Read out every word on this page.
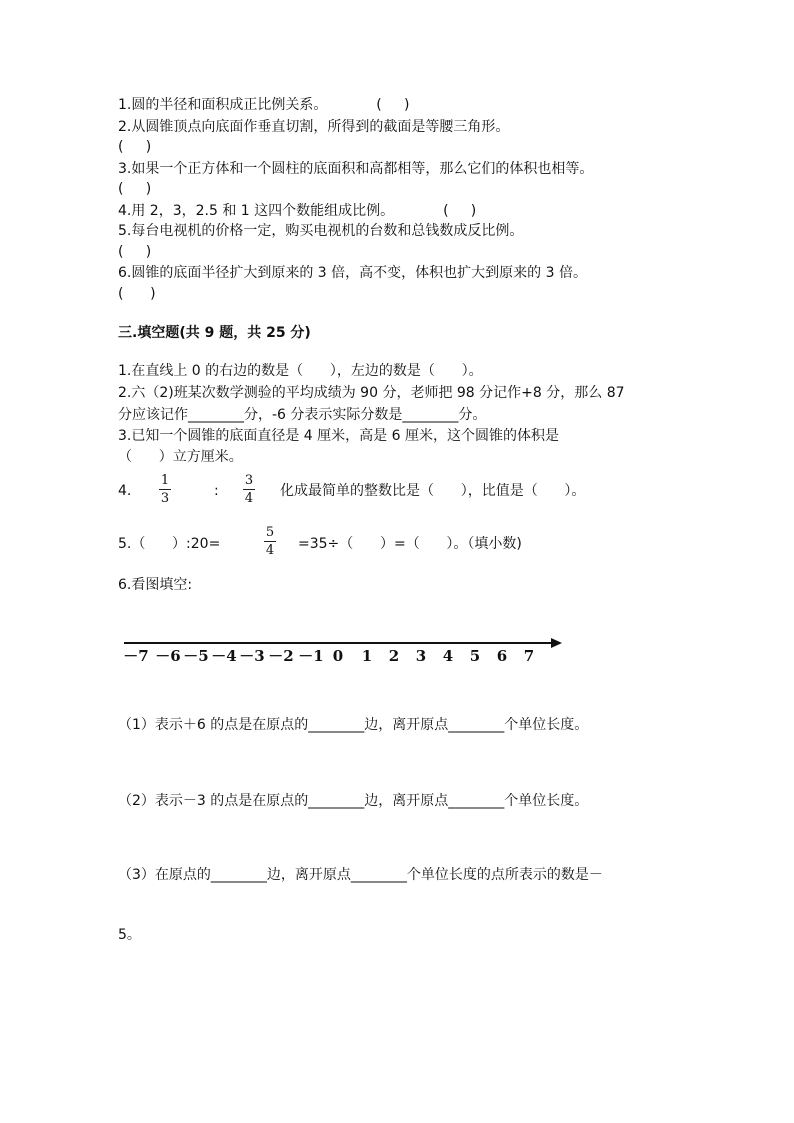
1.圆的半径和面积成正比例关系。           (     )
2.从圆锥顶点向底面作垂直切割，所得到的截面是等腰三角形。
(     )
3.如果一个正方体和一个圆柱的底面积和高都相等，那么它们的体积也相等。
(     )
4.用 2，3，2.5 和 1 这四个数能组成比例。           (     )
5.每台电视机的价格一定，购买电视机的台数和总钱数成反比例。
(     )
6.圆锥的底面半径扩大到原来的 3 倍，高不变，体积也扩大到原来的 3 倍。
(      )
三.填空题(共 9 题，共 25 分)
1.在直线上 0 的右边的数是（      ），左边的数是（      ）。
2.六（2)班某次数学测验的平均成绩为 90 分，老师把 98 分记作+8 分，那么 87
分应该记作________分，-6 分表示实际分数是________分。
3.已知一个圆锥的底面直径是 4 厘米，高是 6 厘米，这个圆锥的体积是
（      ）立方厘米。
4.
1
3	:
3
4 化成最简单的整数比是（      ），比值是（      ）。
5.（      ）:20=
5
4 =35÷（      ）=（      ）。（填小数)
6.看图填空:
－7 －6 －5 －4 －3 －2 －1 0 1 2 3 4 5 6 7
（1）表示＋6 的点是在原点的________边，离开原点________个单位长度。
（2）表示－3 的点是在原点的________边，离开原点________个单位长度。
（3）在原点的________边，离开原点________个单位长度的点所表示的数是－
5。
